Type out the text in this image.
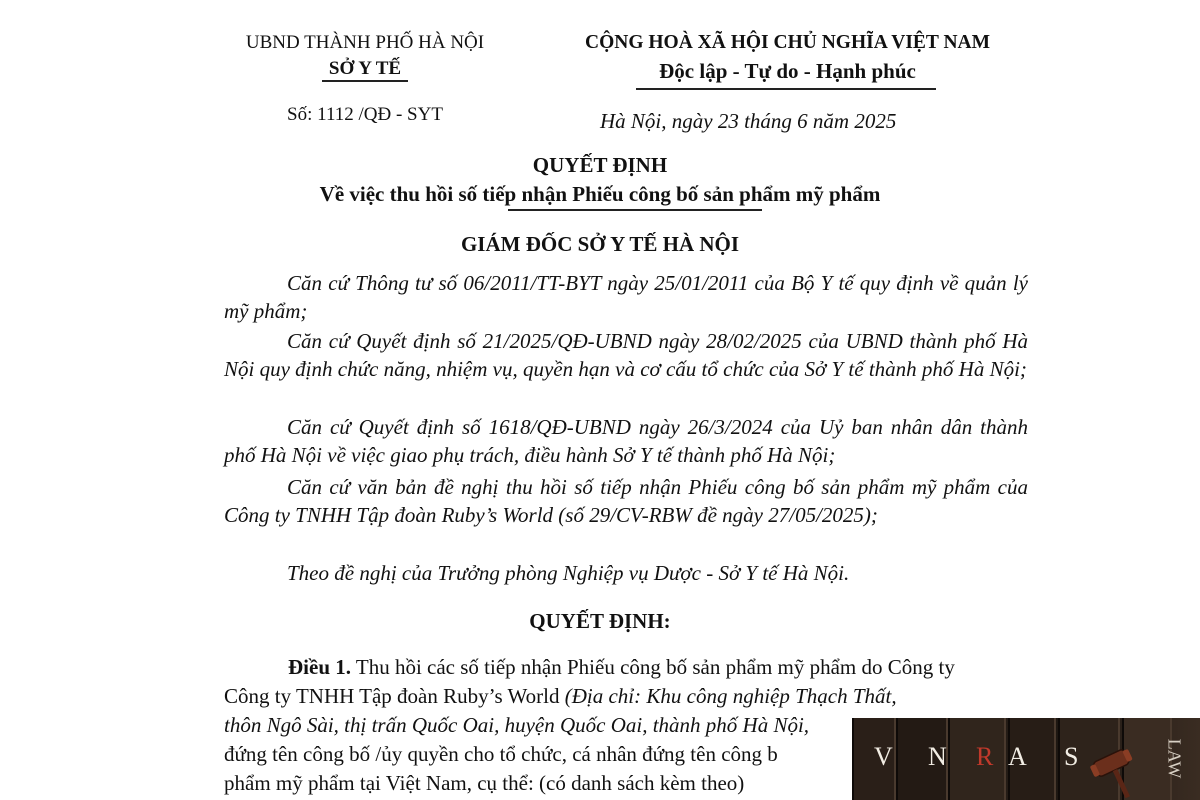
UBND THÀNH PHỐ HÀ NỘI
SỞ Y TẾ
Số: 1112 /QĐ - SYT
CỘNG HOÀ XÃ HỘI CHỦ NGHĨA VIỆT NAM
Độc lập - Tự do - Hạnh phúc
Hà Nội, ngày 23 tháng 6 năm 2025
QUYẾT ĐỊNH
Về việc thu hồi số tiếp nhận Phiếu công bố sản phẩm mỹ phẩm
GIÁM ĐỐC SỞ Y TẾ HÀ NỘI
Căn cứ Thông tư số 06/2011/TT-BYT ngày 25/01/2011 của Bộ Y tế quy định về quản lý mỹ phẩm;
Căn cứ Quyết định số 21/2025/QĐ-UBND ngày 28/02/2025 của UBND thành phố Hà Nội quy định chức năng, nhiệm vụ, quyền hạn và cơ cấu tổ chức của Sở Y tế thành phố Hà Nội;
Căn cứ Quyết định số 1618/QĐ-UBND ngày 26/3/2024 của Uỷ ban nhân dân thành phố Hà Nội về việc giao phụ trách, điều hành Sở Y tế thành phố Hà Nội;
Căn cứ văn bản đề nghị thu hồi số tiếp nhận Phiếu công bố sản phẩm mỹ phẩm của Công ty TNHH Tập đoàn Ruby’s World (số 29/CV-RBW đề ngày 27/05/2025);
Theo đề nghị của Trưởng phòng Nghiệp vụ Dược - Sở Y tế Hà Nội.
QUYẾT ĐỊNH:
Điều 1. Thu hồi các số tiếp nhận Phiếu công bố sản phẩm mỹ phẩm do Công ty
Công ty TNHH Tập đoàn Ruby’s World (Địa chỉ: Khu công nghiệp Thạch Thất,
thôn Ngô Sài, thị trấn Quốc Oai, huyện Quốc Oai, thành phố Hà Nội,
đứng tên công bố /ủy quyền cho tổ chức, cá nhân đứng tên công b
phẩm mỹ phẩm tại Việt Nam, cụ thể: (có danh sách kèm theo)
V N R A S	LAW
